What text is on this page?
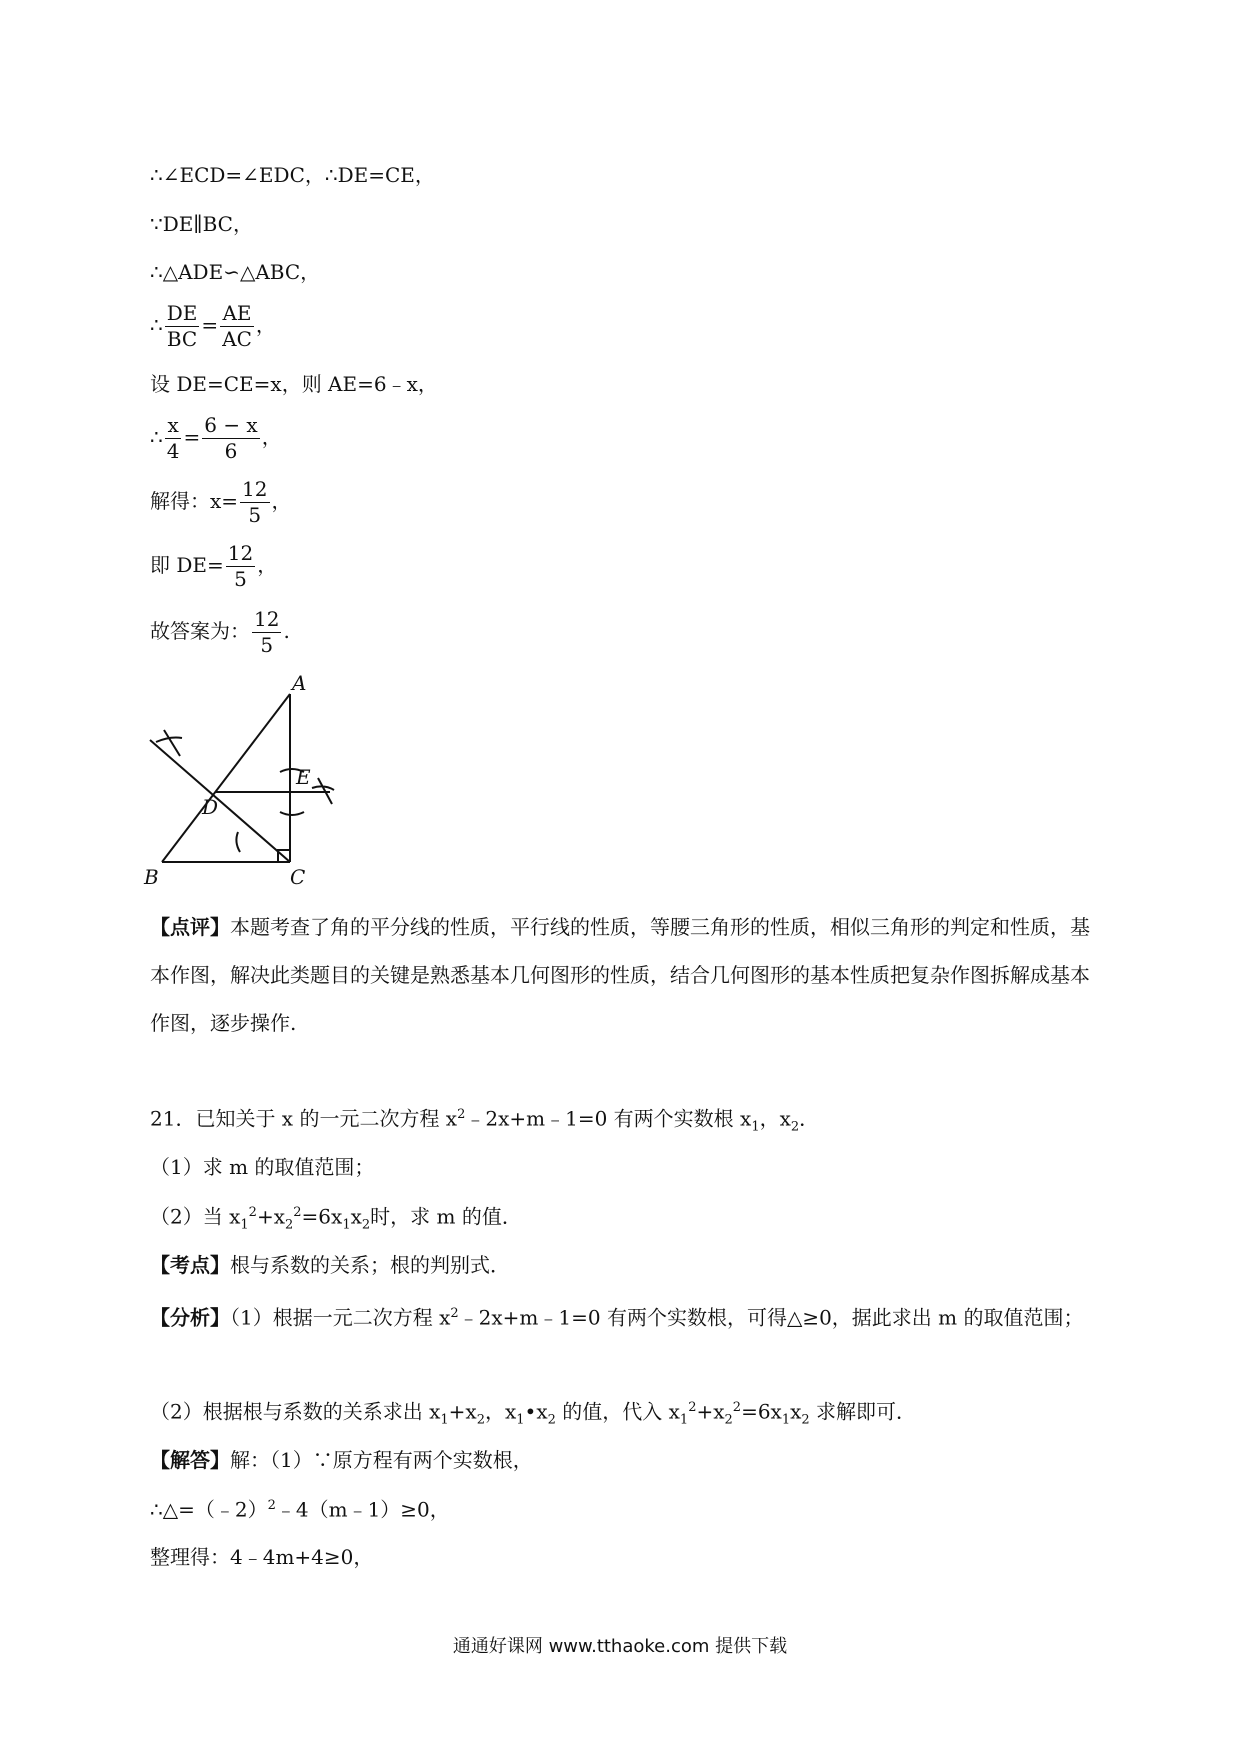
∴∠ECD=∠EDC，∴DE=CE，
∵DE∥BC，
∴△ADE∽△ABC，
∴ $\frac{DE}{BC} = \frac{AE}{AC}$ ，
设 DE=CE=x，则 AE=6﹣x，
∴ $\frac{x}{4} = \frac{6 - x}{6}$ ，
解得：$x= \frac{12}{5}$ ，
即 $DE= \frac{12}{5}$ ，
故答案为： $\frac{12}{5}$ .
A
B	C
D
E
【点评】本题考查了角的平分线的性质，平行线的性质，等腰三角形的性质，相似三角形的判定和性质，基本作图，解决此类题目的关键是熟悉基本几何图形的性质，结合几何图形的基本性质把复杂作图拆解成基本作图，逐步操作.
21．已知关于 x 的一元二次方程 $x^2﹣2x+m﹣1=0$ 有两个实数根 $x_1$，$x_2$．
（1）求 m 的取值范围；
（2）当 $x_1^2+x_2^2=6x_1x_2$时，求 m 的值．
【考点】根与系数的关系；根的判别式．
【分析】（1）根据一元二次方程 $x^2﹣2x+m﹣1=0$ 有两个实数根，可得△≥0，据此求出 m 的取值范围；
（2）根据根与系数的关系求出 $x_1+x_2$，$x_1•x_2$ 的值，代入 $x_1^2+x_2^2=6x_1x_2$ 求解即可．
【解答】解：（1）∵原方程有两个实数根，
∴△=（﹣2）$^2$﹣4（m﹣1）≥0，
整理得：4﹣4m+4≥0，
通通好课网 www.tthaoke.com 提供下载
